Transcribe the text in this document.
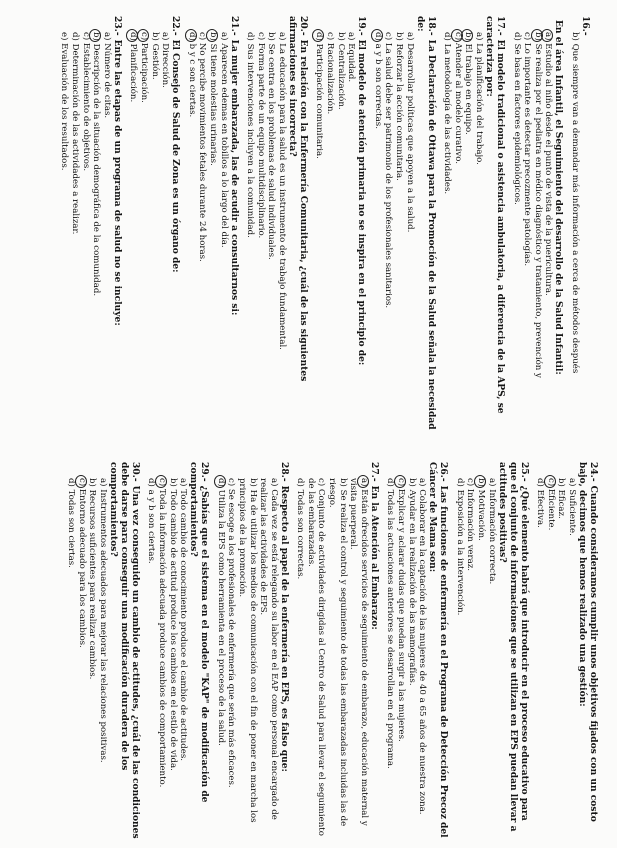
16.-
b) Que siempre van a demandar más información a cerca de métodos después
En el área Infantil, el Seguimiento del desarrollo de la Salud Infantil:
a) Estudio al niño desde el punto de vista de la puericultura.
b) Se realiza por el pediatra en médico diagnóstico y tratamiento, prevención y
c) Lo importante es detectar precozmente patologías.
d) Se basa en factores epidemiológicos.
17.-El modelo tradicional o asistencia ambulatoria, a diferencia de la APS, se caracteriza por:
a) La planificación del trabajo.
b) El trabajo en equipo.
c) Atender al modelo curativo.
d) La metodología de las actividades.
18.-La Declaración de Ottawa para la Promoción de la Salud señala la necesidad de:
a) Desarrollar políticas que apoyen a la salud.
b) Reforzar la acción comunitaria.
c) La salud debe ser patrimonio de los profesionales sanitarios.
d) a y b son correctas.
19.-El modelo de atención primaria no se inspira en el principio de:
a) Equidad.
b) Centralización.
c) Racionalización.
d) Participación comunitaria.
20.-En relación con la Enfermería Comunitaria, ¿cuál de las siguientes afirmaciones es incorrecta?
a) La educación para la salud es un instrumento de trabajo fundamental.
b) Se centra en los problemas de salud individuales.
c) Forma parte de un equipo multidisciplinario.
d) Sus intervenciones incluyen a la comunidad.
21.-La mujer embarazada, las de acudir a consultarnos si:
a) Aparecen edemas en tobillos a lo largo del día.
b) Si tiene molestias urinarias.
c) No percibe movimientos fetales durante 24 horas.
d) b y c son ciertas.
22.-El Consejo de Salud de Zona es un órgano de:
a) Dirección.
b) Gestión.
c) Participación.
d) Planificación.
23.-Entre las etapas de un programa de salud no se incluye:
a) Número de citas.
b) Descripción de la situación demográfica de la comunidad.
c) Establecimiento de objetivos.
d) Determinación de las actividades a realizar.
e) Evaluación de los resultados.
24.-Cuando consideramos cumplir unos objetivos fijados con un costo bajo, decimos que hemos realizado una gestión:
a) Suficiente.
b) Eficaz.
c) Eficiente.
d) Efectiva.
25.-¿Qué elemento habrá que introducir en el proceso educativo para que el conjunto de informaciones que se utilizan en EPS puedan llevar a actitudes positivas?
a) Información correcta.
b) Motivación.
c) Información veraz.
d) Exposición a la intervención.
26.-Las funciones de enfermería en el Programa de Detección Precoz del Cáncer de Mama son:
a) Colaborar en la captación de las mujeres de 40 a 65 años de nuestra zona.
b) Ayudar en la realización de las mamografías.
c) Explicar y aclarar dudas que puedan surgir a las mujeres.
d) Todas las actuaciones anteriores se desarrollan en el programa.
27.-En la Atención al Embarazo:
a) Están ofrecidos servicios de seguimiento de embarazo, educación maternal y visita puerperal.
b) Se realiza el control y seguimiento de todas las embarazadas incluidas las de riesgo.
c) Conjunto de actividades dirigidas al Centro de Salud para llevar el seguimiento de las embarazadas.
d) Todas son correctas.
28.-Respecto al papel de la enfermería en EPS, es falso que:
a) Cada vez se está relegando su labor en el EAP como personal encargado de realizar las actividades de EPS.
b) Ha de utilizar los medios de comunicación con el fin de poner en marcha los principios de la promoción.
c) Se escoge a los profesionales de enfermería que serán más eficaces.
d) Utiliza la EPS como herramienta en el proceso de la salud.
29.-¿Sabías que el sistema en el modelo "KAP" de modificación de comportamientos?
a) Todo cambio de conocimiento produce el cambio de actitudes.
b) Todo cambio de actitud produce los cambios en el estilo de vida.
c) Toda la información adecuada produce cambios de comportamiento.
d) a y b son ciertas.
30.-Una vez conseguido un cambio de actitudes, ¿cuál de las condiciones debe darse para conseguir una modificación duradera de los comportamientos?
a) Instrumentos adecuados para mejorar las relaciones positivas.
b) Recursos suficientes para realizar cambios.
c) Entorno adecuado para los cambios.
d) Todas son ciertas.
